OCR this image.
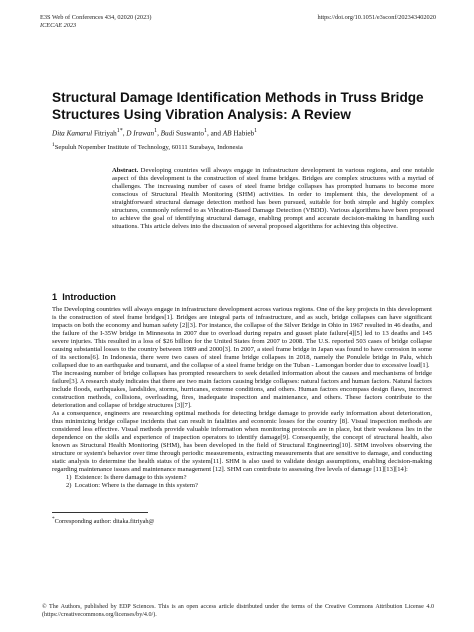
E3S Web of Conferences 434, 02020 (2023)	https://doi.org/10.1051/e3sconf/202343402020
ICECAE 2023
Structural Damage Identification Methods in Truss Bridge Structures Using Vibration Analysis: A Review
Dita Kamarul Fitriyah$^{1*}$, D Irawan$^1$, Budi Suswanto$^1$, and AB Habieb$^1$
$^1$Sepuluh Nopember Institute of Technology, 60111 Surabaya, Indonesia
Abstract. Developing countries will always engage in infrastructure development in various regions, and one notable aspect of this development is the construction of steel frame bridges. Bridges are complex structures with a myriad of challenges. The increasing number of cases of steel frame bridge collapses has prompted humans to become more conscious of Structural Health Monitoring (SHM) activities. In order to implement this, the development of a straightforward structural damage detection method has been pursued, suitable for both simple and highly complex structures, commonly referred to as Vibration-Based Damage Detection (VBDD). Various algorithms have been proposed to achieve the goal of identifying structural damage, enabling prompt and accurate decision-making in handling such situations. This article delves into the discussion of several proposed algorithms for achieving this objective.
1 Introduction

The Developing countries will always engage in infrastructure development across various regions. One of the key projects in this development is the construction of steel frame bridges[1]. Bridges are integral parts of infrastructure, and as such, bridge collapses can have significant impacts on both the economy and human safety [2][3]. For instance, the collapse of the Silver Bridge in Ohio in 1967 resulted in 46 deaths, and the failure of the I-35W bridge in Minnesota in 2007 due to overload during repairs and gusset plate failure[4][5] led to 13 deaths and 145 severe injuries. This resulted in a loss of $26 billion for the United States from 2007 to 2008. The U.S. reported 503 cases of bridge collapse causing substantial losses to the country between 1989 and 2000[3]. In 2007, a steel frame bridge in Japan was found to have corrosion in some of its sections[6]. In Indonesia, there were two cases of steel frame bridge collapses in 2018, namely the Ponulele bridge in Palu, which collapsed due to an earthquake and tsunami, and the collapse of a steel frame bridge on the Tuban - Lamongan border due to excessive load[1].

The increasing number of bridge collapses has prompted researchers to seek detailed information about the causes and mechanisms of bridge failure[3]. A research study indicates that there are two main factors causing bridge collapses: natural factors and human factors. Natural factors include floods, earthquakes, landslides, storms, hurricanes, extreme conditions, and others. Human factors encompass design flaws, incorrect construction methods, collisions, overloading, fires, inadequate inspection and maintenance, and others. These factors contribute to the deterioration and collapse of bridge structures [3][7].

As a consequence, engineers are researching optimal methods for detecting bridge damage to provide early information about deterioration, thus minimizing bridge collapse incidents that can result in fatalities and economic losses for the country [8]. Visual inspection methods are considered less effective. Visual methods provide valuable information when monitoring protocols are in place, but their weakness lies in the dependence on the skills and experience of inspection operators to identify damage[9]. Consequently, the concept of structural health, also known as Structural Health Monitoring (SHM), has been developed in the field of Structural Engineering[10]. SHM involves observing the structure or system's behavior over time through periodic measurements, extracting measurements that are sensitive to damage, and conducting static analysis to determine the health status of the system[11]. SHM is also used to validate design assumptions, enabling decision-making regarding maintenance issues and maintenance management [12]. SHM can contribute to assessing five levels of damage [11][13][14]:

1) Existence: Is there damage to this system?
2) Location: Where is the damage in this system?
*Corresponding author: ditaka.fitriyah@
© The Authors, published by EDP Sciences. This is an open access article distributed under the terms of the Creative Commons Attribution License 4.0 (https://creativecommons.org/licenses/by/4.0/).
